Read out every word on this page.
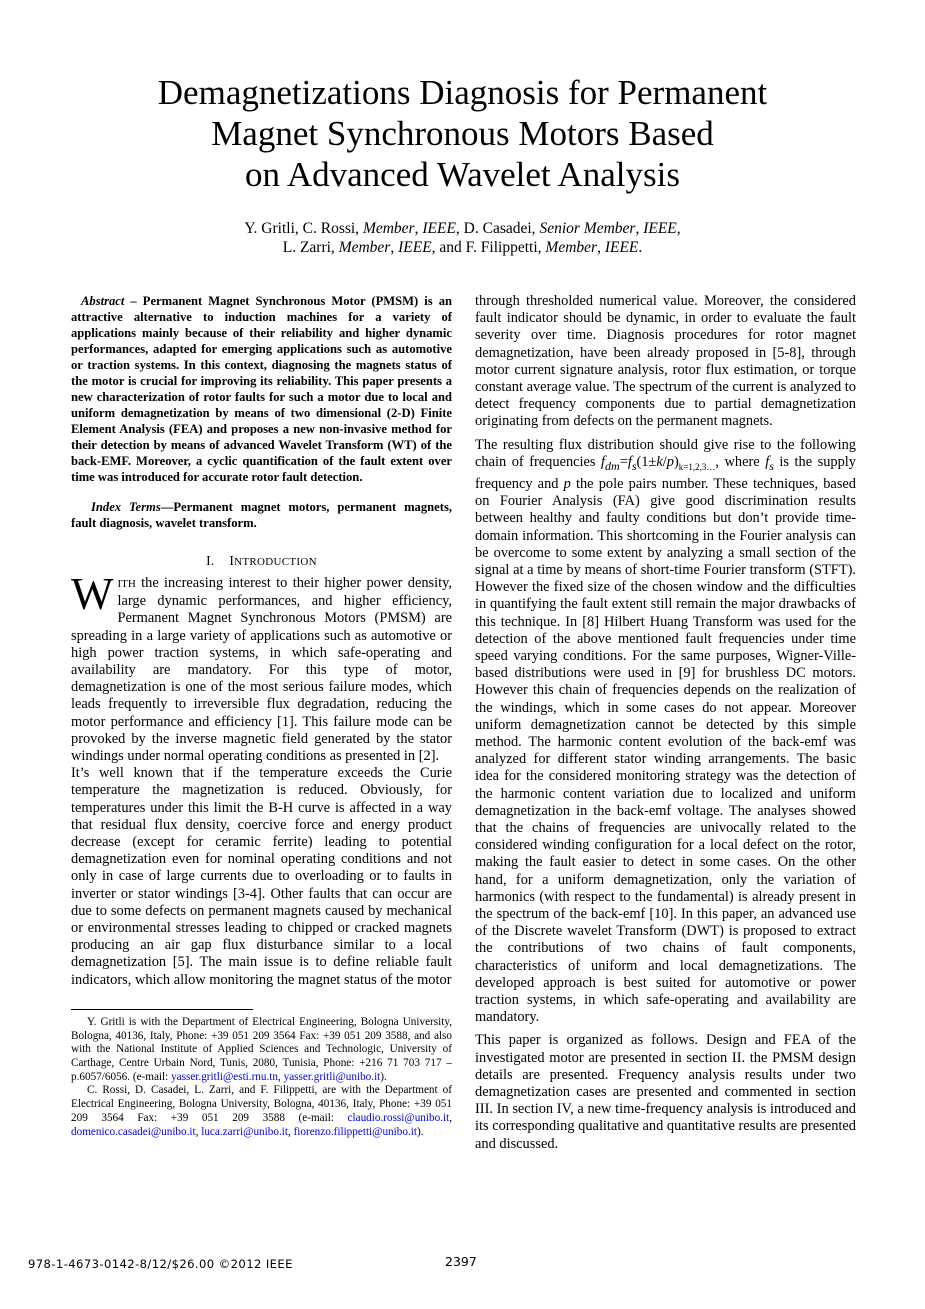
Demagnetizations Diagnosis for Permanent
Magnet Synchronous Motors Based
on Advanced Wavelet Analysis
Y. Gritli, C. Rossi, Member, IEEE, D. Casadei, Senior Member, IEEE,
L. Zarri, Member, IEEE, and F. Filippetti, Member, IEEE.

Abstract – Permanent Magnet Synchronous Motor (PMSM) is an attractive alternative to induction machines for a variety of applications mainly because of their reliability and higher dynamic performances, adapted for emerging applications such as automotive or traction systems. In this context, diagnosing the magnets status of the motor is crucial for improving its reliability. This paper presents a new characterization of rotor faults for such a motor due to local and uniform demagnetization by means of two dimensional (2-D) Finite Element Analysis (FEA) and proposes a new non-invasive method for their detection by means of advanced Wavelet Transform (WT) of the back-EMF. Moreover, a cyclic quantification of the fault extent over time was introduced for accurate rotor fault detection.

Index Terms—Permanent magnet motors, permanent magnets, fault diagnosis, wavelet transform.

I. INTRODUCTION

WITH the increasing interest to their higher power density, large dynamic performances, and higher efficiency, Permanent Magnet Synchronous Motors (PMSM) are spreading in a large variety of applications such as automotive or high power traction systems, in which safe-operating and availability are mandatory. For this type of motor, demagnetization is one of the most serious failure modes, which leads frequently to irreversible flux degradation, reducing the motor performance and efficiency [1]. This failure mode can be provoked by the inverse magnetic field generated by the stator windings under normal operating conditions as presented in [2].

It’s well known that if the temperature exceeds the Curie temperature the magnetization is reduced. Obviously, for temperatures under this limit the B-H curve is affected in a way that residual flux density, coercive force and energy product decrease (except for ceramic ferrite) leading to potential demagnetization even for nominal operating conditions and not only in case of large currents due to overloading or to faults in inverter or stator windings [3-4]. Other faults that can occur are due to some defects on permanent magnets caused by mechanical or environmental stresses leading to chipped or cracked magnets producing an air gap flux disturbance similar to a local demagnetization [5]. The main issue is to define reliable fault indicators, which allow monitoring the magnet status of the motor

Y. Gritli is with the Department of Electrical Engineering, Bologna University, Bologna, 40136, Italy, Phone: +39 051 209 3564 Fax: +39 051 209 3588, and also with the National Institute of Applied Sciences and Technologic, University of Carthage, Centre Urbain Nord, Tunis, 2080, Tunisia, Phone: +216 71 703 717 – p.6057/6056. (e-mail: yasser.gritli@esti.rnu.tn, yasser.gritli@unibo.it).

C. Rossi, D. Casadei, L. Zarri, and F. Filippetti, are with the Department of Electrical Engineering, Bologna University, Bologna, 40136, Italy, Phone: +39 051 209 3564 Fax: +39 051 209 3588 (e-mail: claudio.rossi@unibo.it, domenico.casadei@unibo.it, luca.zarri@unibo.it, fiorenzo.filippetti@unibo.it).

through thresholded numerical value. Moreover, the considered fault indicator should be dynamic, in order to evaluate the fault severity over time. Diagnosis procedures for rotor magnet demagnetization, have been already proposed in [5-8], through motor current signature analysis, rotor flux estimation, or torque constant average value. The spectrum of the current is analyzed to detect frequency components due to partial demagnetization originating from defects on the permanent magnets.

The resulting flux distribution should give rise to the following chain of frequencies $f_{dm}=f_s(1\pm k/p)_{k=1,2,3\dots}$, where $f_s$ is the supply frequency and p the pole pairs number. These techniques, based on Fourier Analysis (FA) give good discrimination results between healthy and faulty conditions but don’t provide time-domain information. This shortcoming in the Fourier analysis can be overcome to some extent by analyzing a small section of the signal at a time by means of short-time Fourier transform (STFT). However the fixed size of the chosen window and the difficulties in quantifying the fault extent still remain the major drawbacks of this technique. In [8] Hilbert Huang Transform was used for the detection of the above mentioned fault frequencies under time speed varying conditions. For the same purposes, Wigner-Ville-based distributions were used in [9] for brushless DC motors. However this chain of frequencies depends on the realization of the windings, which in some cases do not appear. Moreover uniform demagnetization cannot be detected by this simple method. The harmonic content evolution of the back-emf was analyzed for different stator winding arrangements. The basic idea for the considered monitoring strategy was the detection of the harmonic content variation due to localized and uniform demagnetization in the back-emf voltage. The analyses showed that the chains of frequencies are univocally related to the considered winding configuration for a local defect on the rotor, making the fault easier to detect in some cases. On the other hand, for a uniform demagnetization, only the variation of harmonics (with respect to the fundamental) is already present in the spectrum of the back-emf [10]. In this paper, an advanced use of the Discrete wavelet Transform (DWT) is proposed to extract the contributions of two chains of fault components, characteristics of uniform and local demagnetizations. The developed approach is best suited for automotive or power traction systems, in which safe-operating and availability are mandatory.

This paper is organized as follows. Design and FEA of the investigated motor are presented in section II. the PMSM design details are presented. Frequency analysis results under two demagnetization cases are presented and commented in section III. In section IV, a new time-frequency analysis is introduced and its corresponding qualitative and quantitative results are presented and discussed.

978-1-4673-0142-8/12/$26.00 ©2012 IEEE	2397
